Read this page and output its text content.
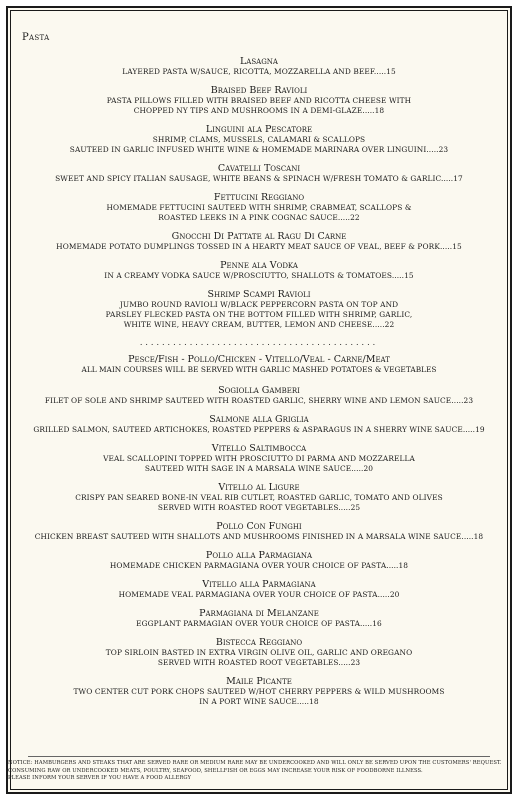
Pasta
Lasagna
LAYERED PASTA W/SAUCE, RICOTTA, MOZZARELLA AND BEEF.....15
Braised Beef Ravioli
PASTA PILLOWS FILLED WITH BRAISED BEEF AND RICOTTA CHEESE WITH
CHOPPED NY TIPS AND MUSHROOMS IN A DEMI-GLAZE.....18
Linguini ala Pescatore
SHRIMP, CLAMS, MUSSELS, CALAMARI & SCALLOPS
SAUTEED IN GARLIC INFUSED WHITE WINE & HOMEMADE MARINARA OVER LINGUINI.....23
Cavatelli Toscani
SWEET AND SPICY ITALIAN SAUSAGE, WHITE BEANS & SPINACH W/FRESH TOMATO & GARLIC.....17
Fettucini Reggiano
HOMEMADE FETTUCINI SAUTEED WITH SHRIMP, CRABMEAT, SCALLOPS &
ROASTED LEEKS IN A PINK COGNAC SAUCE.....22
Gnocchi Di Pattate al Ragu Di Carne
HOMEMADE POTATO DUMPLINGS TOSSED IN A HEARTY MEAT SAUCE OF VEAL, BEEF & PORK.....15
Penne ala Vodka
IN A CREAMY VODKA SAUCE W/PROSCIUTTO, SHALLOTS & TOMATOES.....15
Shrimp Scampi Ravioli
JUMBO ROUND RAVIOLI W/BLACK PEPPERCORN PASTA ON TOP AND
PARSLEY FLECKED PASTA ON THE BOTTOM FILLED WITH SHRIMP, GARLIC,
WHITE WINE, HEAVY CREAM, BUTTER, LEMON AND CHEESE.....22
...........................................
Pesce/Fish - Pollo/Chicken - Vitello/Veal - Carne/Meat
ALL MAIN COURSES WILL BE SERVED WITH GARLIC MASHED POTATOES & VEGETABLES
Sogiolla Gamberi
FILET OF SOLE AND SHRIMP SAUTEED WITH ROASTED GARLIC, SHERRY WINE AND LEMON SAUCE.....23
Salmone alla Griglia
GRILLED SALMON, SAUTEED ARTICHOKES, ROASTED PEPPERS & ASPARAGUS IN A SHERRY WINE SAUCE.....19
Vitello Saltimbocca
VEAL SCALLOPINI TOPPED WITH PROSCIUTTO DI PARMA AND MOZZARELLA
SAUTEED WITH SAGE IN A MARSALA WINE SAUCE.....20
Vitello al Ligure
CRISPY PAN SEARED BONE-IN VEAL RIB CUTLET, ROASTED GARLIC, TOMATO AND OLIVES
SERVED WITH ROASTED ROOT VEGETABLES.....25
Pollo Con Funghi
CHICKEN BREAST SAUTEED WITH SHALLOTS AND MUSHROOMS FINISHED IN A MARSALA WINE SAUCE.....18
Pollo alla Parmagiana
HOMEMADE CHICKEN PARMAGIANA OVER YOUR CHOICE OF PASTA.....18
Vitello alla Parmagiana
HOMEMADE VEAL PARMAGIANA OVER YOUR CHOICE OF PASTA.....20
Parmagiana di Melanzane
EGGPLANT PARMAGIAN OVER YOUR CHOICE OF PASTA.....16
Bistecca Reggiano
TOP SIRLOIN BASTED IN EXTRA VIRGIN OLIVE OIL, GARLIC AND OREGANO
SERVED WITH ROASTED ROOT VEGETABLES.....23
Maile Picante
TWO CENTER CUT PORK CHOPS SAUTEED W/HOT CHERRY PEPPERS & WILD MUSHROOMS
IN A PORT WINE SAUCE.....18
NOTICE: HAMBURGERS AND STEAKS THAT ARE SERVED RARE OR MEDIUM RARE MAY BE UNDERCOOKED AND WILL ONLY BE SERVED UPON THE CUSTOMERS' REQUEST.
CONSUMING RAW OR UNDERCOOKED MEATS, POULTRY, SEAFOOD, SHELLFISH OR EGGS MAY INCREASE YOUR RISK OF FOODBORNE ILLNESS.
PLEASE INFORM YOUR SERVER IF YOU HAVE A FOOD ALLERGY
